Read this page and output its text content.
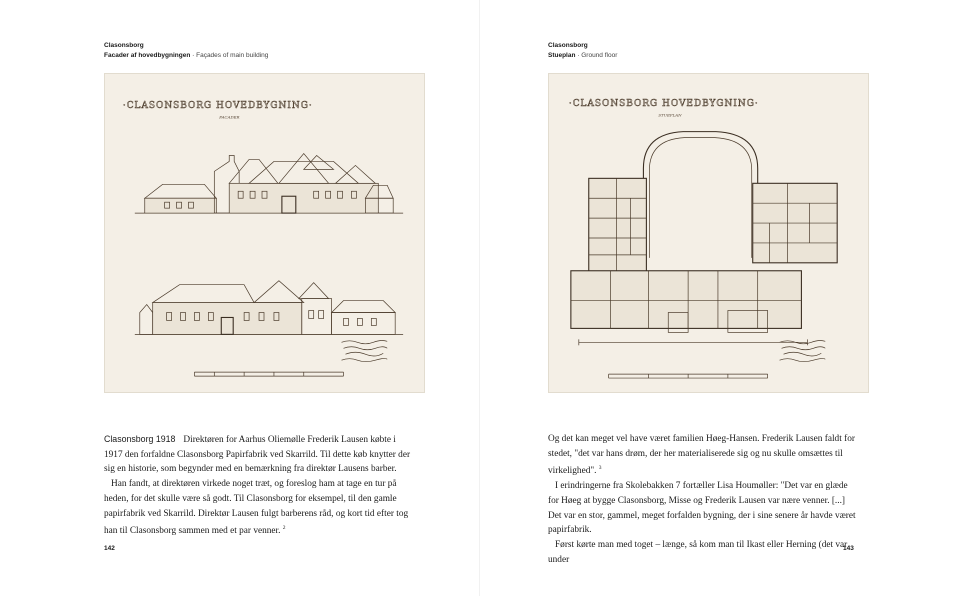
Clasonsborg
Facader af hovedbygningen · Façades of main building
·CLASONSBORG HOVEDBYGNING·
FACADER

Clasonsborg 1918 Direktøren for Aarhus Oliemølle Frederik Lausen købte i 1917 den forfaldne Clasonsborg Papirfabrik ved Skarrild. Til dette køb knytter der sig en historie, som begynder med en bemærkning fra direktør Lausens barber.

Han fandt, at direktøren virkede noget træt, og foreslog ham at tage en tur på heden, for det skulle være så godt. Til Clasonsborg for eksempel, til den gamle papirfabrik ved Skarrild. Direktør Lausen fulgt barberens råd, og kort tid efter tog han til Clasonsborg sammen med et par venner. $^2$

142
Clasonsborg
Stueplan · Ground floor
·CLASONSBORG HOVEDBYGNING·
STUEPLAN

Og det kan meget vel have været familien Høeg-Hansen. Frederik Lausen faldt for stedet, "det var hans drøm, der her materialiserede sig og nu skulle omsættes til virkelighed". $^3$

I erindringerne fra Skolebakken 7 fortæller Lisa Houmøller: "Det var en glæde for Høeg at bygge Clasonsborg, Misse og Frederik Lausen var nære venner. [...] Det var en stor, gammel, meget forfalden bygning, der i sine senere år havde været papirfabrik.

Først kørte man med toget – længe, så kom man til Ikast eller Herning (det var under

143
